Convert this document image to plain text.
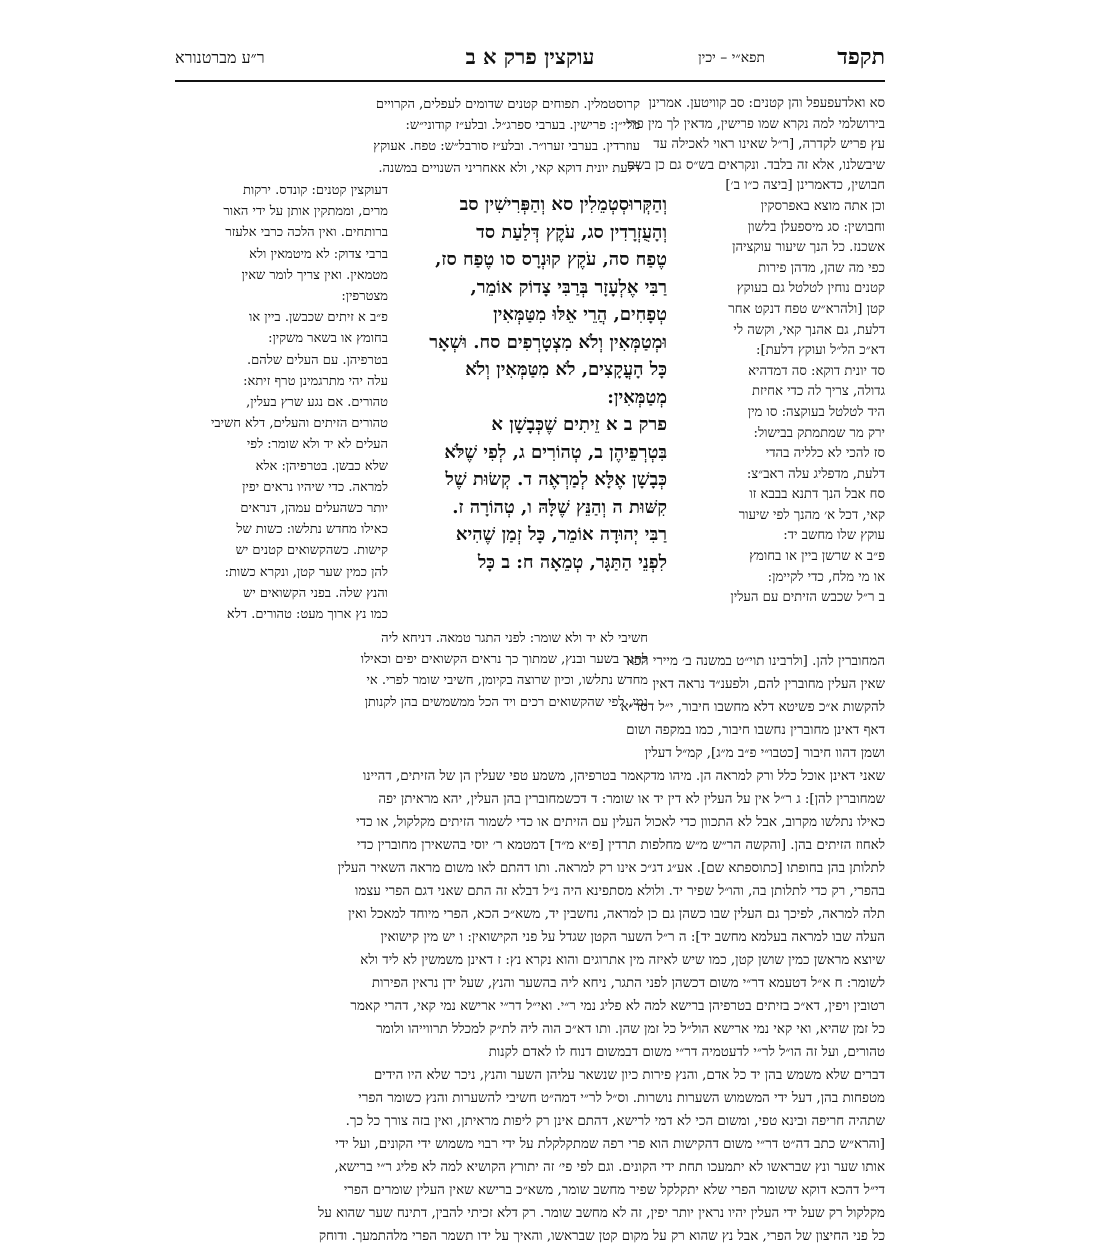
תקפד
תפא״י – יכין
עוקצין פרק א ב
ר״ע מברטנורא
סא ואלדעפעפל והן קטנים: סב קוויטען. אמרינן
בירושלמי למה נקרא שמו פרישין, מדאין לך מין פרי
עץ פריש לקדרה, [ר״ל שאינו ראוי לאכילה עד
שיבשלנו, אלא זה בלבד. ונקראים בש״ס גם כן בשם
חבושין, כדאמרינן [ביצה כ״ו ב׳]
וכן אתה מוצא באפרסקין
וחבושין: סג מיספעלן בלשון
אשכנז. כל הנך שיעור עוקציהן
כפי מה שהן, מדהן פירות
קטנים נוחין לטלטל גם בעוקץ
קטן [ולהרא״ש טפח דנקט אחר
דלעת, גם אהנך קאי, וקשה לי
דא״כ הל״ל ועוקץ דלעת]:
סד יונית דוקא: סה דמדהיא
גדולה, צריך לה כדי אחיזת
היד לטלטל בעוקצה: סו מין
ירק מר שמתמתק בבישול:
סז להכי לא כלליה בהדי
דלעת, מדפליג עלה ראב״צ:
סח אבל הנך דתנא בבבא זו
קאי, דכל א׳ מהנך לפי שיעור
עוקץ שלו מחשב יד:
פ״ב א שרשן ביין או בחומץ
או מי מלח, כדי לקיימן:
ב ר״ל שכבש הזיתים עם העלין
קרוסטמלין. תפוחים קטנים שדומים לעפלים, הקרויים
מלי״ן: פרישין. בערבי ספרג״ל. ובלע״ז קודוני״ש:
עוזרדין. בערבי זערו״ר. ובלע״ז סורבל״ש: טפח. אעוקץ
דלעת יונית דוקא קאי, ולא אאחריני השנויים במשנה.
וְהַקְּרוּסְטְמֵלִין סא וְהַפְּרִישִׁין סב
וְהָעֻזְרָדִין סג, עֹקֶץ דְּלַעַת סד
טֶפַח סה, עֹקֶץ קוּנְרָס סו טֶפַח סז,
רַבִּי אֶלְעָזָר בְּרַבִּי צָדוֹק אוֹמֵר,
טְפָחִים, הֲרֵי אֵלּוּ מִטַּמְּאִין
וּמְטַמְּאִין וְלֹא מִצְטָרְפִים סח. וּשְׁאָר
כָּל הָעֳקָצִים, לֹא מִטַּמְּאִין וְלֹא
מְטַמְּאִין:
פרק ב א זֵיתִים שֶׁכְּבָשָׁן א
בִּטְרְפֵיהֶן ב, טְהוֹרִים ג, לְפִי שֶׁלֹּא
כְּבָשָׁן אֶלָּא לְמַרְאֶה ד. קְשׂוּת שֶׁל
קִשּׁוּת ה וְהַנֵּץ שֶׁלָּהּ ו, טְהוֹרָה ז.
רַבִּי יְהוּדָה אוֹמֵר, כָּל זְמַן שֶׁהִיא
לִפְנֵי הַתַּגָּר, טְמֵאָה ח: ב כָּל
דעוקצין קטנים: קונדס. ירקות
מרים, וממתקין אותן על ידי האור
ברותחים. ואין הלכה כרבי אלעזר
ברבי צדוק: לא מיטמאין ולא
מטמאין. ואין צריך לומר שאין
מצטרפין:
פ״ב א זיתים שכבשן. ביין או
בחומץ או בשאר משקין:
בטרפיהן. עם העלים שלהם.
עלה יהי מתרגמינן טרף זיתא:
טהורים. אם נגע שרץ בעלין,
טהורים הזיתים והעלים, דלא חשיבי
העלים לא יד ולא שומר: לפי
שלא כבשן. בטרפיהן: אלא
למראה. כדי שיהיו נראים יפין
יותר כשהעלים עמהן, דנראים
כאילו מחדש נתלשו: כשות של
קישות. כשהקשואים קטנים יש
להן כמין שער קטן, ונקרא כשות:
והנץ שלה. בפני הקשואים יש
כמו נץ ארוך מעט: טהורים. דלא
חשיבי לא יד ולא שומר: לפני התגר טמאה. דניחא ליה
לתגר בשער ובנץ, שמתוך כך נראים הקשואים יפים וכאילו
מחדש נתלשו, וכיון שרוצה בקיומן, חשיבי שומר לפרי. אי
נמי, לפי שהקשואים רכים ויד הכל ממשמשים בהן לקנותן
המחוברין להן. [ולרבינו תוי״ט במשנה ב׳ מיירי הכא
שאין העלין מחוברין להם, ולפענ״ד נראה דאין
להקשות א״כ פשיטא דלא מחשבו חיבור, י״ל דסד״א
דאף דאינן מחוברין נחשבו חיבור, כמו במקפה ושום
ושמן דהוו חיבור [כטבו״י פ״ב מ״ג], קמ״ל דעלין
שאני דאינן אוכל כלל ורק למראה הן. מיהו מדקאמר בטרפיהן, משמע טפי שעלין הן של הזיתים, דהיינו
שמחוברין להן]: ג ר״ל אין על העלין לא דין יד או שומר: ד דכשמחוברין בהן העלין, יהא מראיתן יפה
כאילו נתלשו מקרוב, אבל לא התכוון כדי לאכול העלין עם הזיתים או כדי לשמור הזיתים מקלקול, או כדי
לאחוז הזיתים בהן. [והקשה הר״ש מ״ש מחלפות תרדין [פ״א מ״ד] דמטמא ר׳ יוסי בהשאירן מחוברין כדי
לתלותן בהן בחופתו [כתוספתא שם]. אע״ג דג״כ אינו רק למראה. ותו דהתם לאו משום מראה השאיר העלין
בהפרי, רק כדי לתלותן בה, והו״ל שפיר יד. ולולא מסתפינא היה נ״ל דבלא זה התם שאני דגם הפרי עצמו
תלה למראה, לפיכך גם העלין שבו כשהן גם כן למראה, נחשבין יד, משא״כ הכא, הפרי מיוחד למאכל ואין
העלה שבו למראה בעלמא מחשב יד]: ה ר״ל השער הקטן שגדל על פני הקישואין: ו יש מין קישואין
שיוצא מראשן כמין שושן קטן, כמו שיש לאיזה מין אתרוגים והוא נקרא נץ: ז דאינן משמשין לא ליד ולא
לשומר: ח א״ל דטעמא דר״י משום דכשהן לפני התגר, ניחא ליה בהשער והנץ, שעל ידן נראין הפירות
רטובין ויפין, דא״כ בזיתים בטרפיהן ברישא למה לא פליג נמי ר״י. ואי״ל דר״י ארישא נמי קאי, דהרי קאמר
כל זמן שהיא, ואי קאי נמי ארישא הול״ל כל זמן שהן. ותו דא״כ הוה ליה לת״ק למכלל תרווייהו ולומר
טהורים, ועל זה הו״ל לר״י לדעטמיה דר״י משום דבמשום דנוח לו לאדם לקנות
דברים שלא משמש בהן יד כל אדם, והנץ פירות כיון שנשאר עליהן השער והנץ, ניכר שלא היו הידים
מטפחות בהן, דעל ידי המשמוש השערות נושרות. וס״ל לר״י דמה״ט חשיבי להשערות והנץ כשומר הפרי
שתהיה חריפה ובינא טפי, ומשום הכי לא דמי לרישא, דהתם אינן רק ליפות מראיתן, ואין בזה צורך כל כך.
[והרא״ש כתב דה״ט דר״י משום דהקישות הוא פרי רפה שמתקלקלת על ידי רבוי משמוש ידי הקונים, ועל ידי
אותו שער ונץ שבראשו לא יתמעכו תחת ידי הקונים. וגם לפי פי׳ זה יתורץ הקושיא למה לא פליג ר״י ברישא,
די״ל דהכא דוקא ששומר הפרי שלא יתקלקל שפיר מחשב שומר, משא״כ ברישא שאין העלין שומרים הפרי
מקלקול רק שעל ידי העלין יהיו נראין יותר יפין, זה לא מחשב שומר. רק דלא זכיתי להבין, דתינח שער שהוא על
כל פני החיצון של הפרי, אבל נץ שהוא רק על מקום קטן שבראשו, והאיך על ידו תשמר הפרי מלהתמעך. ודוחק
